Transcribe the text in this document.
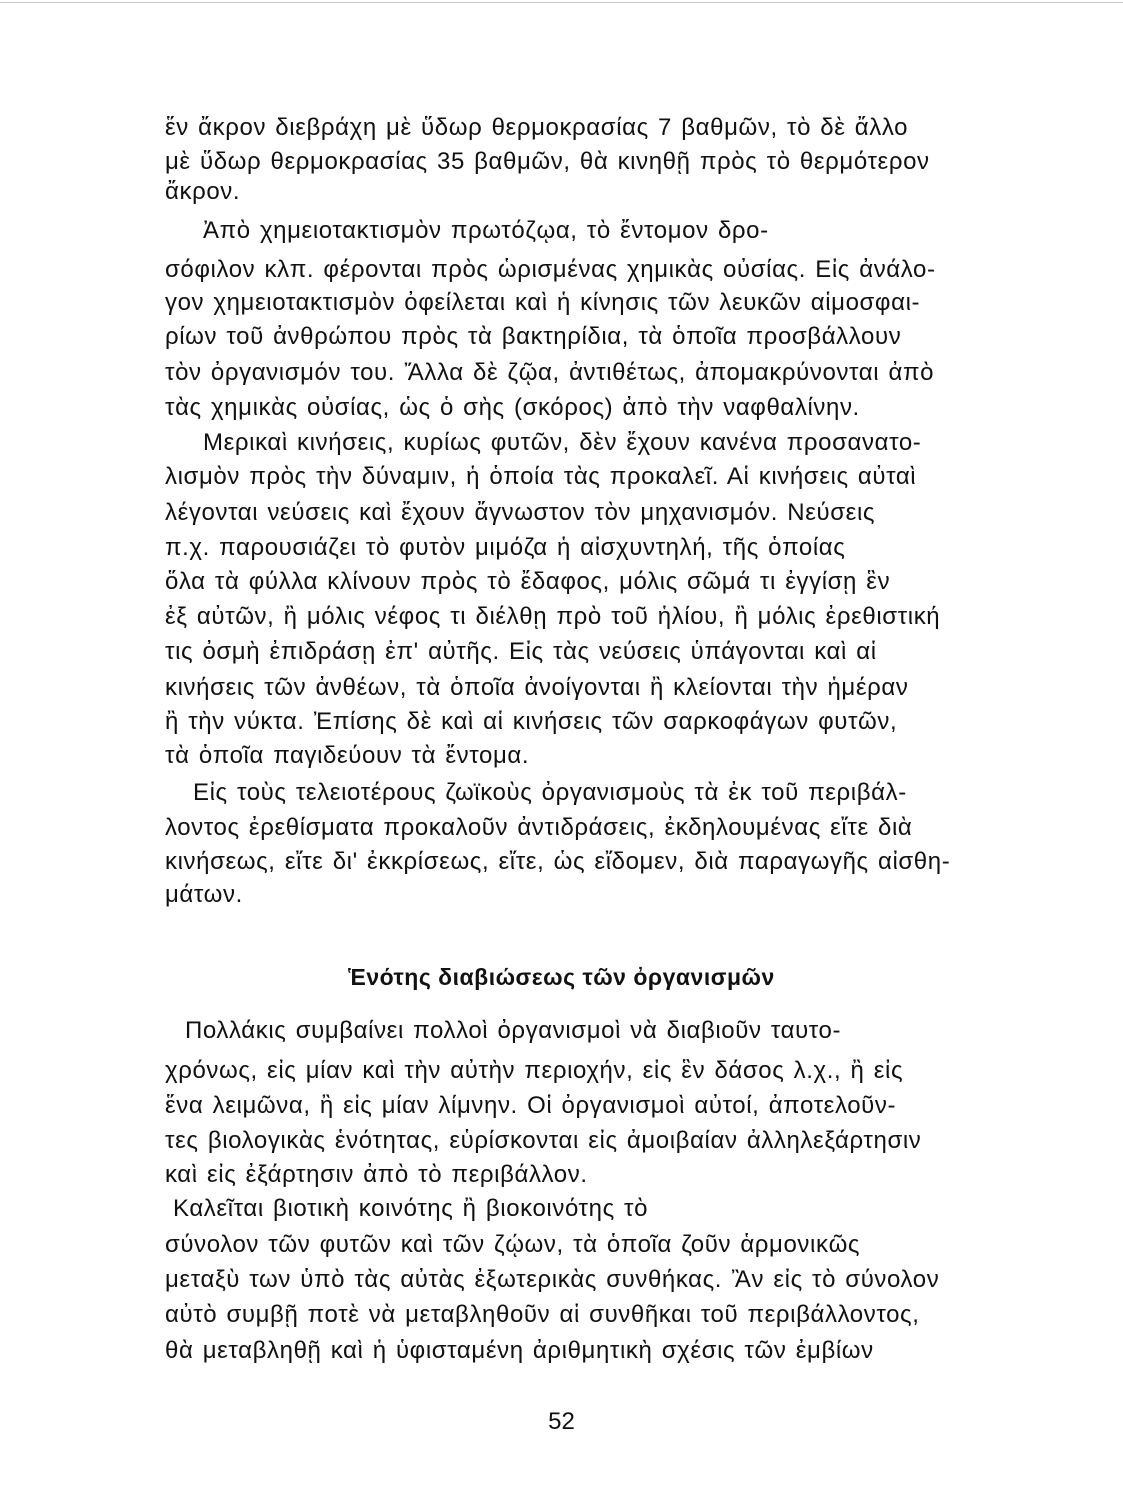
ἕν ἄκρον διεβράχη μὲ ὕδωρ θερμοκρασίας 7 βαθμῶν, τὸ δὲ ἄλλο
μὲ ὕδωρ θερμοκρασίας 35 βαθμῶν, θὰ κινηθῇ πρὸς τὸ θερμότερον
ἄκρον.
Ἀπὸ χημειοτακτισμὸν πρωτόζῳα, τὸ ἔντομον δρο-
σόφιλον κλπ. φέρονται πρὸς ὡρισμένας χημικὰς οὐσίας. Εἰς ἀνάλο-
γον χημειοτακτισμὸν ὀφείλεται καὶ ἡ κίνησις τῶν λευκῶν αἱμοσφαι-
ρίων τοῦ ἀνθρώπου πρὸς τὰ βακτηρίδια, τὰ ὁποῖα προσβάλλουν
τὸν ὀργανισμόν του. Ἄλλα δὲ ζῷα, ἀντιθέτως, ἀπομακρύνονται ἀπὸ
τὰς χημικὰς οὐσίας, ὡς ὁ σὴς (σκόρος) ἀπὸ τὴν ναφθαλίνην.
Μερικαὶ κινήσεις, κυρίως φυτῶν, δὲν ἔχουν κανένα προσανατο-
λισμὸν πρὸς τὴν δύναμιν, ἡ ὁποία τὰς προκαλεῖ. Αἱ κινήσεις αὐταὶ
λέγονται νεύσεις καὶ ἔχουν ἄγνωστον τὸν μηχανισμόν. Νεύσεις
π.χ. παρουσιάζει τὸ φυτὸν μιμόζα ἡ αἰσχυντηλή, τῆς ὁποίας
ὅλα τὰ φύλλα κλίνουν πρὸς τὸ ἔδαφος, μόλις σῶμά τι ἐγγίσῃ ἓν
ἐξ αὐτῶν, ἢ μόλις νέφος τι διέλθῃ πρὸ τοῦ ἡλίου, ἢ μόλις ἐρεθιστική
τις ὀσμὴ ἐπιδράσῃ ἐπ' αὐτῆς. Εἰς τὰς νεύσεις ὑπάγονται καὶ αἱ
κινήσεις τῶν ἀνθέων, τὰ ὁποῖα ἀνοίγονται ἢ κλείονται τὴν ἡμέραν
ἢ τὴν νύκτα. Ἐπίσης δὲ καὶ αἱ κινήσεις τῶν σαρκοφάγων φυτῶν,
τὰ ὁποῖα παγιδεύουν τὰ ἔντομα.
Εἰς τοὺς τελειοτέρους ζωϊκοὺς ὀργανισμοὺς τὰ ἐκ τοῦ περιβάλ-
λοντος ἐρεθίσματα προκαλοῦν ἀντιδράσεις, ἐκδηλουμένας εἴτε διὰ
κινήσεως, εἴτε δι' ἐκκρίσεως, εἴτε, ὡς εἴδομεν, διὰ παραγωγῆς αἰσθη-
μάτων.
Ἑνότης διαβιώσεως τῶν ὀργανισμῶν
Πολλάκις συμβαίνει πολλοὶ ὀργανισμοὶ νὰ διαβιοῦν ταυτο-
χρόνως, εἰς μίαν καὶ τὴν αὐτὴν περιοχήν, εἰς ἓν δάσος λ.χ., ἢ εἰς
ἕνα λειμῶνα, ἢ εἰς μίαν λίμνην. Οἱ ὀργανισμοὶ αὐτοί, ἀποτελοῦν-
τες βιολογικὰς ἑνότητας, εὑρίσκονται εἰς ἀμοιβαίαν ἀλληλεξάρτησιν
καὶ εἰς ἐξάρτησιν ἀπὸ τὸ περιβάλλον.
Καλεῖται βιοτικὴ κοινότης ἢ βιοκοινότης τὸ
σύνολον τῶν φυτῶν καὶ τῶν ζῴων, τὰ ὁποῖα ζοῦν ἁρμονικῶς
μεταξὺ των ὑπὸ τὰς αὐτὰς ἐξωτερικὰς συνθήκας. Ἂν εἰς τὸ σύνολον
αὐτὸ συμβῇ ποτὲ νὰ μεταβληθοῦν αἱ συνθῆκαι τοῦ περιβάλλοντος,
θὰ μεταβληθῇ καὶ ἡ ὑφισταμένη ἀριθμητικὴ σχέσις τῶν ἐμβίων
52
